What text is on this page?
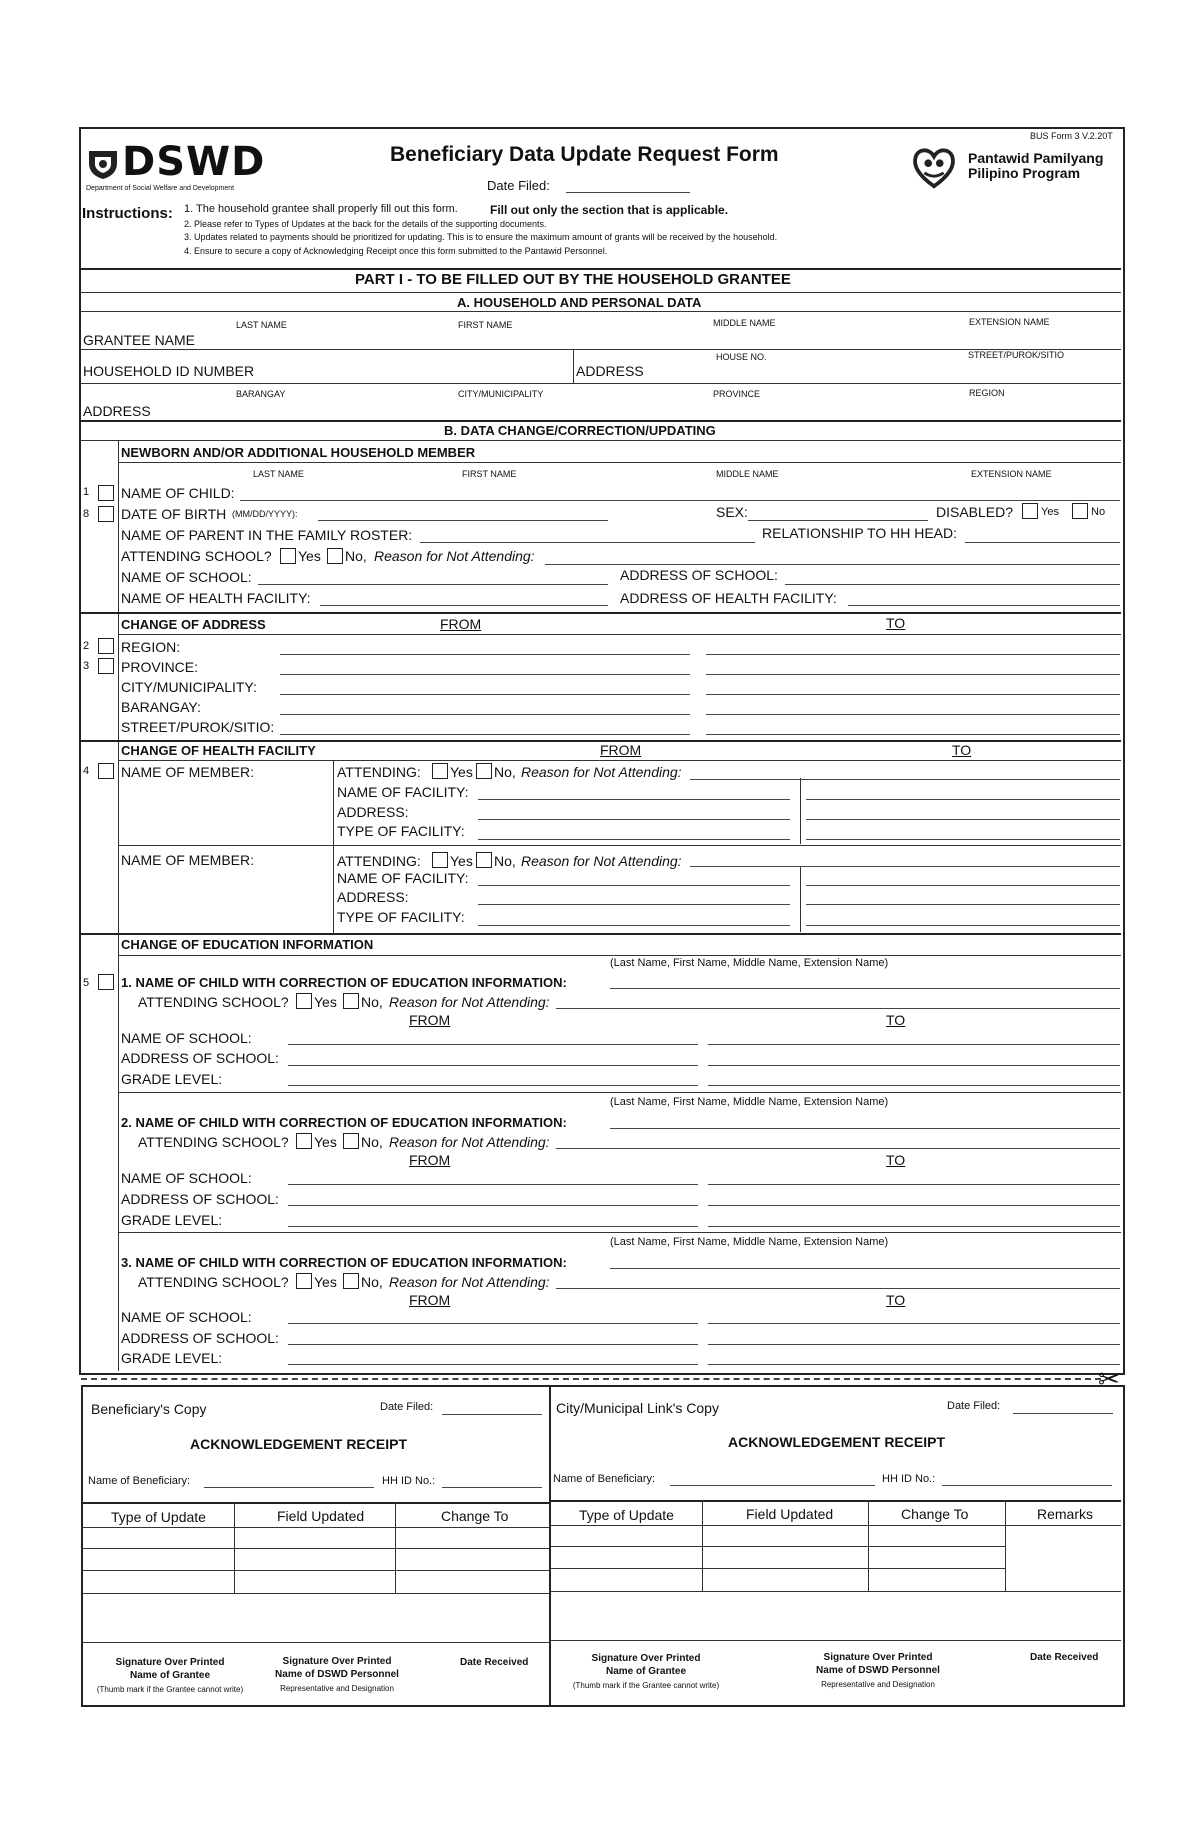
BUS Form 3 V.2.20T
DSWD
Department of Social Welfare and Development
Beneficiary Data Update Request Form
Date Filed:
Pantawid Pamilyang
Pilipino Program
Instructions: 1. The household grantee shall properly fill out this form.	Fill out only the section that is applicable.
2. Please refer to Types of Updates at the back for the details of the supporting documents.
3. Updates related to payments should be prioritized for updating. This is to ensure the maximum amount of grants will be received by the household.
4. Ensure to secure a copy of Acknowledging Receipt once this form submitted to the Pantawid Personnel.
PART I - TO BE FILLED OUT BY THE HOUSEHOLD GRANTEE
A. HOUSEHOLD AND PERSONAL DATA
LAST NAME	FIRST NAME	MIDDLE NAME	EXTENSION NAME
GRANTEE NAME
HOUSEHOLD ID NUMBER	ADDRESS
HOUSE NO.	STREET/PUROK/SITIO
BARANGAY	CITY/MUNICIPALITY	PROVINCE	REGION
ADDRESS
B. DATA CHANGE/CORRECTION/UPDATING
NEWBORN AND/OR ADDITIONAL HOUSEHOLD MEMBER
LAST NAME	FIRST NAME	MIDDLE NAME	EXTENSION NAME
1 NAME OF CHILD:
8 DATE OF BIRTH (MM/DD/YYYY):	SEX:	DISABLED?	Yes	No
NAME OF PARENT IN THE FAMILY ROSTER:	RELATIONSHIP TO HH HEAD:
ATTENDING SCHOOL? Yes No, Reason for Not Attending:
NAME OF SCHOOL:	ADDRESS OF SCHOOL:
NAME OF HEALTH FACILITY:	ADDRESS OF HEALTH FACILITY:
CHANGE OF ADDRESS	FROM	TO
2
3
REGION:
PROVINCE:
CITY/MUNICIPALITY:
BARANGAY:
STREET/PUROK/SITIO:
CHANGE OF HEALTH FACILITY	FROM	TO
4 NAME OF MEMBER:	ATTENDING: Yes No, Reason for Not Attending:
NAME OF FACILITY:
ADDRESS:
TYPE OF FACILITY:
NAME OF MEMBER:	ATTENDING: Yes No, Reason for Not Attending:
NAME OF FACILITY:
ADDRESS:
TYPE OF FACILITY:
CHANGE OF EDUCATION INFORMATION
5
(Last Name, First Name, Middle Name, Extension Name)
1. NAME OF CHILD WITH CORRECTION OF EDUCATION INFORMATION:
ATTENDING SCHOOL? Yes No, Reason for Not Attending:
FROM	TO
NAME OF SCHOOL:
ADDRESS OF SCHOOL:
GRADE LEVEL:
(Last Name, First Name, Middle Name, Extension Name)
2. NAME OF CHILD WITH CORRECTION OF EDUCATION INFORMATION:
ATTENDING SCHOOL? Yes No, Reason for Not Attending:
FROM	TO
NAME OF SCHOOL:
ADDRESS OF SCHOOL:
GRADE LEVEL:
(Last Name, First Name, Middle Name, Extension Name)
3. NAME OF CHILD WITH CORRECTION OF EDUCATION INFORMATION:
ATTENDING SCHOOL? Yes No, Reason for Not Attending:
FROM	TO
NAME OF SCHOOL:
ADDRESS OF SCHOOL:
GRADE LEVEL:
✂
Beneficiary's Copy	Date Filed:
ACKNOWLEDGEMENT RECEIPT
Name of Beneficiary:	HH ID No.:
Type of Update	Field Updated	Change To
Signature Over Printed
Name of Grantee
(Thumb mark if the Grantee cannot write)
Signature Over Printed
Name of DSWD Personnel
Representative and Designation
Date Received
City/Municipal Link's Copy	Date Filed:
ACKNOWLEDGEMENT RECEIPT
Name of Beneficiary:	HH ID No.:
Type of Update	Field Updated	Change To	Remarks
Signature Over Printed
Name of Grantee
(Thumb mark if the Grantee cannot write)
Signature Over Printed
Name of DSWD Personnel
Representative and Designation
Date Received
